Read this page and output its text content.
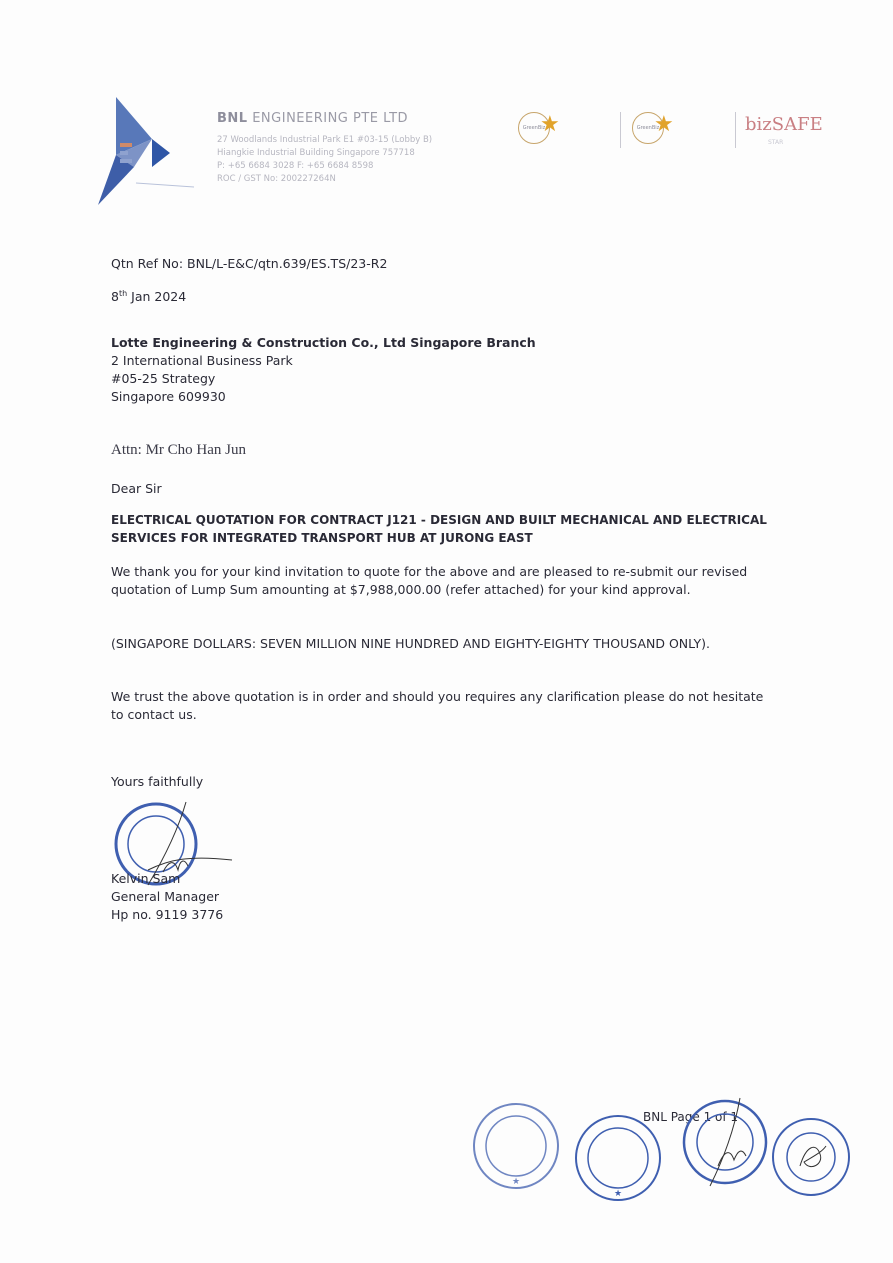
BNL ENGINEERING PTE LTD
27 Woodlands Industrial Park E1 #03-15 (Lobby B)
Hiangkie Industrial Building Singapore 757718
P: +65 6684 3028 F: +65 6684 8598
ROC / GST No: 200227264N
GreenBiz
★	GreenBiz
★	bizSAFE
STAR
Qtn Ref No: BNL/L-E&C/qtn.639/ES.TS/23-R2
8th Jan 2024
Lotte Engineering & Construction Co., Ltd Singapore Branch
2 International Business Park
#05-25 Strategy
Singapore 609930
Attn: Mr Cho Han Jun
Dear Sir
ELECTRICAL QUOTATION FOR CONTRACT J121 - DESIGN AND BUILT MECHANICAL AND ELECTRICAL
SERVICES FOR INTEGRATED TRANSPORT HUB AT JURONG EAST
We thank you for your kind invitation to quote for the above and are pleased to re-submit our revised
quotation of Lump Sum amounting at $7,988,000.00 (refer attached) for your kind approval.
(SINGAPORE DOLLARS: SEVEN MILLION NINE HUNDRED AND EIGHTY-EIGHTY THOUSAND ONLY).
We trust the above quotation is in order and should you requires any clarification please do not hesitate
to contact us.
Yours faithfully
Kelvin Sam
General Manager
Hp no. 9119 3776
★
★
BNL Page 1 of 1
